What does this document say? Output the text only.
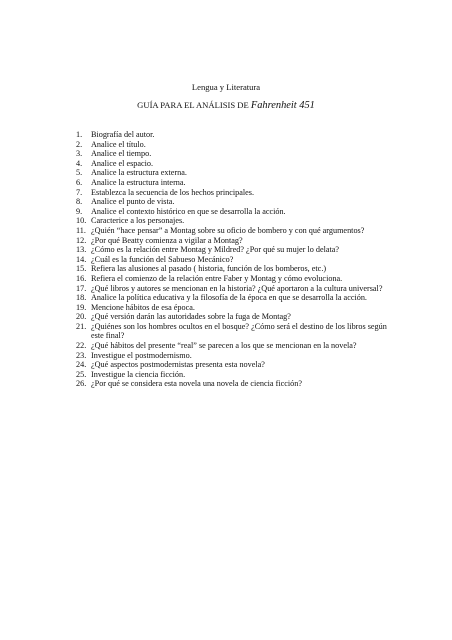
Lengua y Literatura
GUÍA PARA EL ANÁLISIS DE Fahrenheit 451
1.	Biografía del autor.
2.	Analice el título.
3.	Analice el tiempo.
4.	Analice el espacio.
5.	Analice la estructura externa.
6.	Analice la estructura interna.
7.	Establezca la secuencia de los hechos principales.
8.	Analice el punto de vista.
9.	Analice el contexto histórico en que se desarrolla la acción.
10. Caracterice a los personajes.
11. ¿Quién “hace pensar” a Montag sobre su oficio de bombero y con qué argumentos?
12. ¿Por qué Beatty comienza a vigilar a Montag?
13. ¿Cómo es la relación entre Montag y Mildred? ¿Por qué su mujer lo delata?
14. ¿Cuál es la función del Sabueso Mecánico?
15. Refiera las alusiones al pasado ( historia, función de los bomberos, etc.)
16. Refiera el comienzo de la relación entre Faber y Montag y cómo evoluciona.
17. ¿Qué libros y autores se mencionan en la historia? ¿Qué aportaron a la cultura universal?
18. Analice la política educativa y la filosofía de la época en que se desarrolla la acción.
19. Mencione hábitos de esa época.
20. ¿Qué versión darán las autoridades sobre la fuga de Montag?
21. ¿Quiénes son los hombres ocultos en el bosque? ¿Cómo será el destino de los libros según este final?
22. ¿Qué hábitos del presente “real” se parecen a los que se mencionan en la novela?
23. Investigue el postmodernismo.
24. ¿Qué aspectos postmodernistas presenta esta novela?
25. Investigue la ciencia ficción.
26. ¿Por qué se considera esta novela una novela de ciencia ficción?
